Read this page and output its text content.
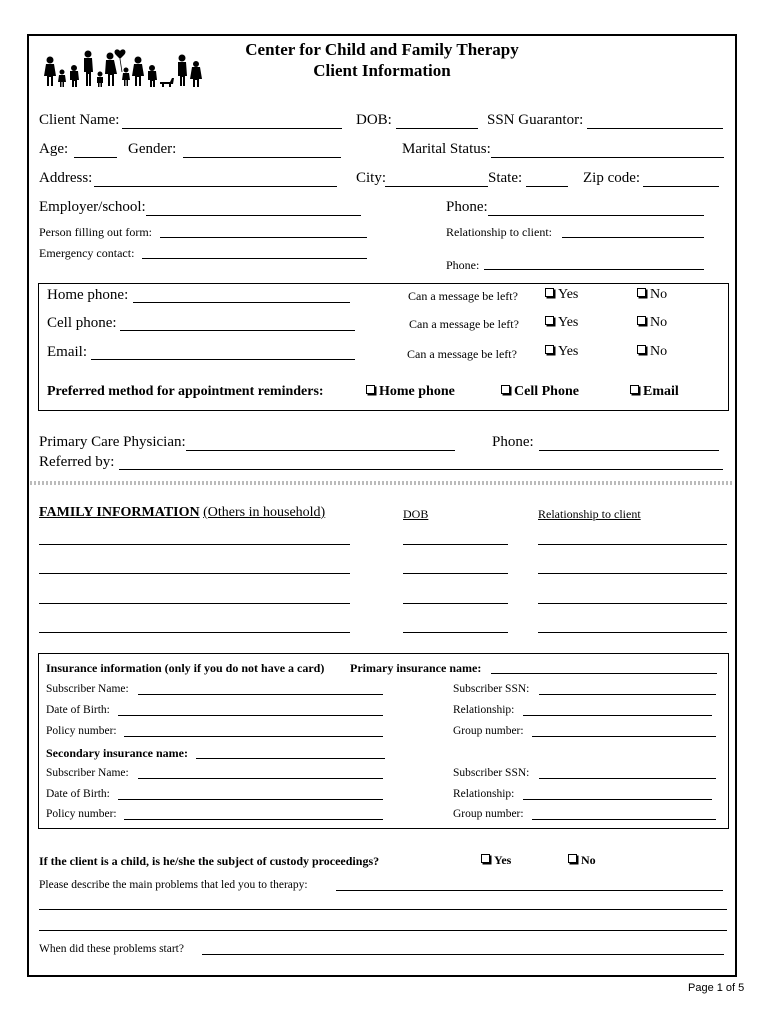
Center for Child and Family Therapy
Client Information
Client Name:	DOB:	SSN Guarantor:
Age:	Gender:	Marital Status:
Address:	City:	State:	Zip code:
Employer/school:	Phone:
Person filling out form:	Relationship to client:
Emergency contact:
Phone:
Home phone:	Can a message be left?	Yes	No
Cell phone:	Can a message be left?	Yes	No
Email:	Can a message be left?	Yes	No
Preferred method for appointment reminders:	Home phone	Cell Phone	Email
Primary Care Physician:	Phone:
Referred by:
FAMILY INFORMATION (Others in household)	DOB	Relationship to client
Insurance information (only if you do not have a card) Primary insurance name:
Subscriber Name:	Subscriber SSN:
Date of Birth:	Relationship:
Policy number:	Group number:
Secondary insurance name:
Subscriber Name:	Subscriber SSN:
Date of Birth:	Relationship:
Policy number:	Group number:
If the client is a child, is he/she the subject of custody proceedings?	Yes	No
Please describe the main problems that led you to therapy:
When did these problems start?
Page 1 of 5
